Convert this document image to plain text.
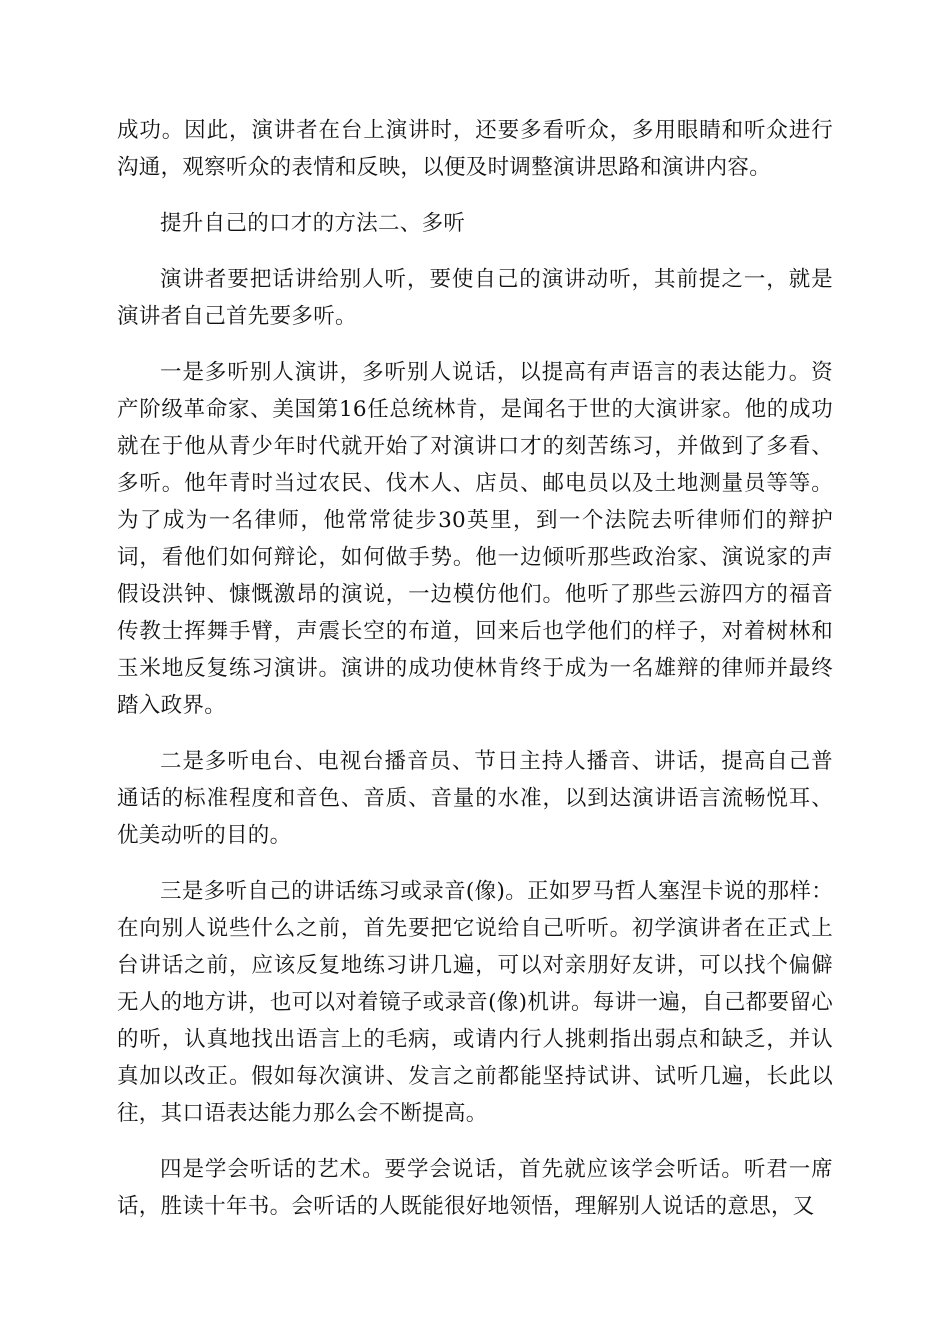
成功。因此，演讲者在台上演讲时，还要多看听众，多用眼睛和听众进行沟通，观察听众的表情和反映，以便及时调整演讲思路和演讲内容。

提升自己的口才的方法二、多听

演讲者要把话讲给别人听，要使自己的演讲动听，其前提之一，就是演讲者自己首先要多听。

一是多听别人演讲，多听别人说话，以提高有声语言的表达能力。资产阶级革命家、美国第16任总统林肯，是闻名于世的大演讲家。他的成功就在于他从青少年时代就开始了对演讲口才的刻苦练习，并做到了多看、多听。他年青时当过农民、伐木人、店员、邮电员以及土地测量员等等。为了成为一名律师，他常常徒步30英里，到一个法院去听律师们的辩护词，看他们如何辩论，如何做手势。他一边倾听那些政治家、演说家的声假设洪钟、慷慨激昂的演说，一边模仿他们。他听了那些云游四方的福音传教士挥舞手臂，声震长空的布道，回来后也学他们的样子，对着树林和玉米地反复练习演讲。演讲的成功使林肯终于成为一名雄辩的律师并最终踏入政界。

二是多听电台、电视台播音员、节日主持人播音、讲话，提高自己普通话的标准程度和音色、音质、音量的水准，以到达演讲语言流畅悦耳、优美动听的目的。

三是多听自己的讲话练习或录音(像)。正如罗马哲人塞涅卡说的那样：在向别人说些什么之前，首先要把它说给自己听听。初学演讲者在正式上台讲话之前，应该反复地练习讲几遍，可以对亲朋好友讲，可以找个偏僻无人的地方讲，也可以对着镜子或录音(像)机讲。每讲一遍，自己都要留心的听，认真地找出语言上的毛病，或请内行人挑刺指出弱点和缺乏，并认真加以改正。假如每次演讲、发言之前都能坚持试讲、试听几遍，长此以往，其口语表达能力那么会不断提高。

四是学会听话的艺术。要学会说话，首先就应该学会听话。听君一席话，胜读十年书。会听话的人既能很好地领悟，理解别人说话的意思，又
